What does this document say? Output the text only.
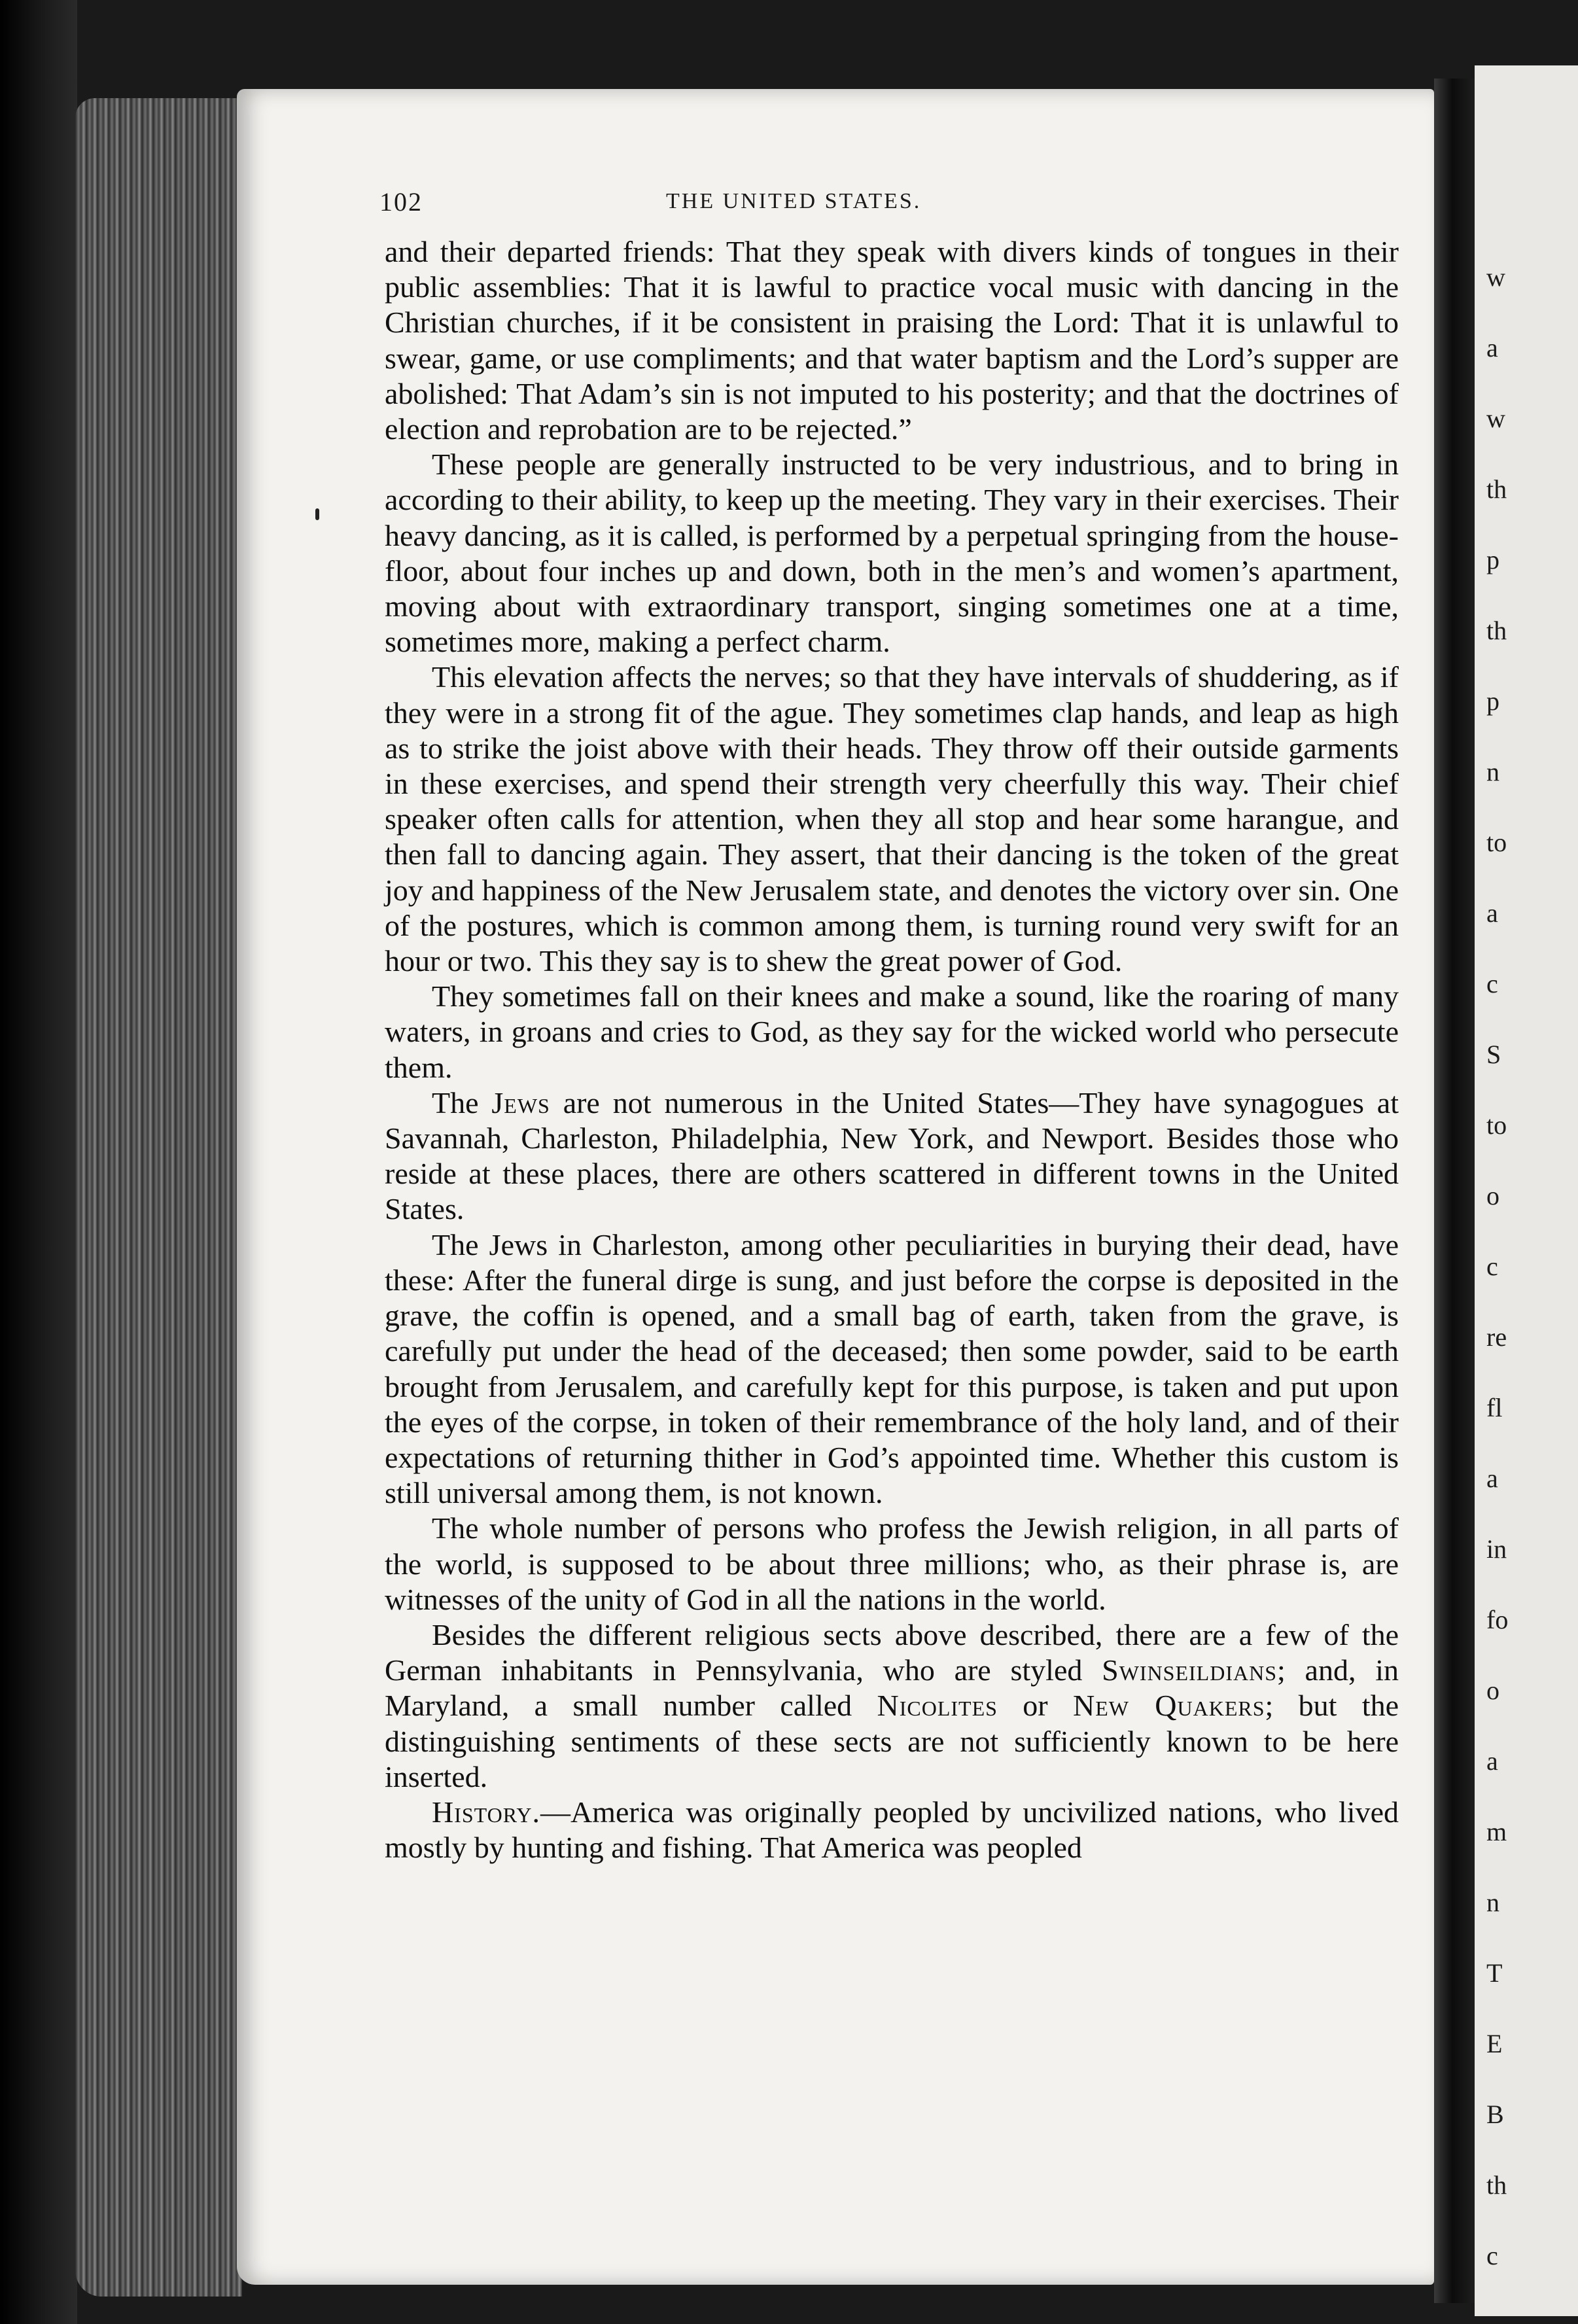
102	THE UNITED STATES.

and their departed friends: That they speak with divers kinds of tongues in their public assemblies: That it is lawful to practice vocal music with dancing in the Christian churches, if it be consistent in praising the Lord: That it is unlawful to swear, game, or use compliments; and that water baptism and the Lord’s supper are abolished: That Adam’s sin is not imputed to his posterity; and that the doctrines of election and reprobation are to be rejected.”

These people are generally instructed to be very industrious, and to bring in according to their ability, to keep up the meeting. They vary in their exercises. Their heavy dancing, as it is called, is performed by a perpetual springing from the house-floor, about four inches up and down, both in the men’s and women’s apartment, moving about with extraordinary transport, singing sometimes one at a time, sometimes more, making a perfect charm.

This elevation affects the nerves; so that they have intervals of shuddering, as if they were in a strong fit of the ague. They sometimes clap hands, and leap as high as to strike the joist above with their heads. They throw off their outside garments in these exercises, and spend their strength very cheerfully this way. Their chief speaker often calls for attention, when they all stop and hear some harangue, and then fall to dancing again. They assert, that their dancing is the token of the great joy and happiness of the New Jerusalem state, and denotes the victory over sin. One of the postures, which is common among them, is turning round very swift for an hour or two. This they say is to shew the great power of God.

They sometimes fall on their knees and make a sound, like the roaring of many waters, in groans and cries to God, as they say for the wicked world who persecute them.

The Jews are not numerous in the United States—They have synagogues at Savannah, Charleston, Philadelphia, New York, and Newport. Besides those who reside at these places, there are others scattered in different towns in the United States.

The Jews in Charleston, among other peculiarities in burying their dead, have these: After the funeral dirge is sung, and just before the corpse is deposited in the grave, the coffin is opened, and a small bag of earth, taken from the grave, is carefully put under the head of the deceased; then some powder, said to be earth brought from Jerusalem, and carefully kept for this purpose, is taken and put upon the eyes of the corpse, in token of their remembrance of the holy land, and of their expectations of returning thither in God’s appointed time. Whether this custom is still universal among them, is not known.

The whole number of persons who profess the Jewish religion, in all parts of the world, is supposed to be about three millions; who, as their phrase is, are witnesses of the unity of God in all the nations in the world.

Besides the different religious sects above described, there are a few of the German inhabitants in Pennsylvania, who are styled Swinseildians; and, in Maryland, a small number called Nicolites or New Quakers; but the distinguishing sentiments of these sects are not sufficiently known to be here inserted.

History.—America was originally peopled by uncivilized nations, who lived mostly by hunting and fishing. That America was peopled

w
a
w
th
p
th
p
n
to
a
c
S
to
o
c
re
fl
a
in
fo
o
a
m
n
T
E
B
th
c
